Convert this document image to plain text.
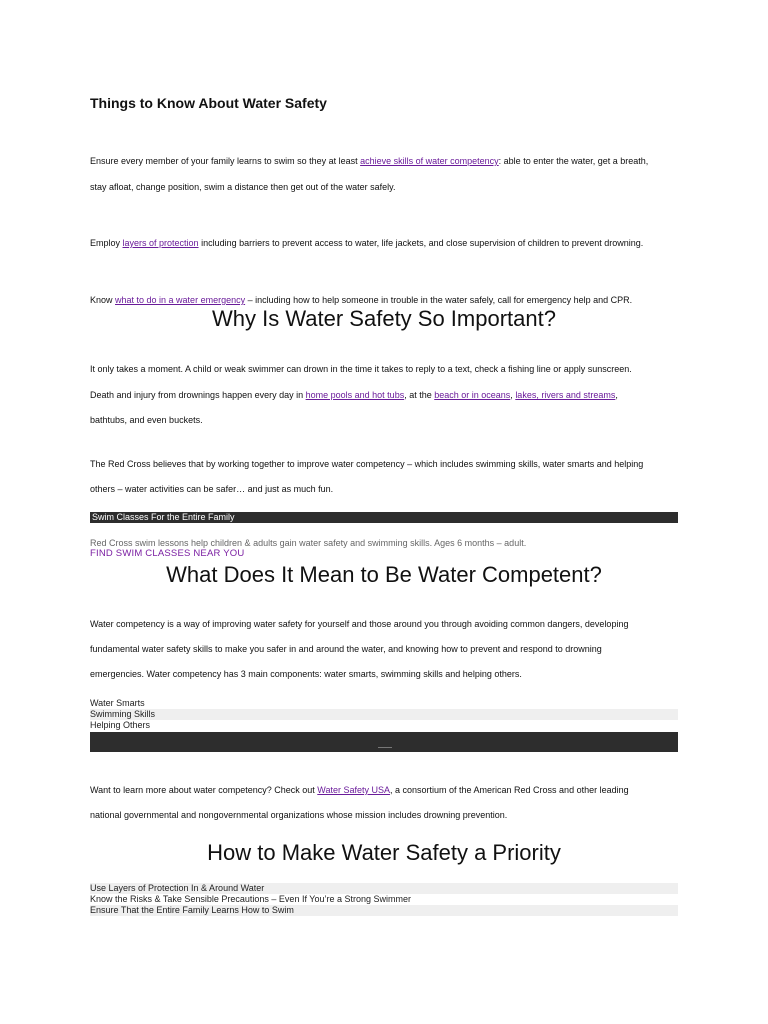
Things to Know About Water Safety
Ensure every member of your family learns to swim so they at least achieve skills of water competency: able to enter the water, get a breath,
stay afloat, change position, swim a distance then get out of the water safely.
Employ layers of protection including barriers to prevent access to water, life jackets, and close supervision of children to prevent drowning.
Know what to do in a water emergency – including how to help someone in trouble in the water safely, call for emergency help and CPR.
Why Is Water Safety So Important?
It only takes a moment. A child or weak swimmer can drown in the time it takes to reply to a text, check a fishing line or apply sunscreen.
Death and injury from drownings happen every day in home pools and hot tubs, at the beach or in oceans, lakes, rivers and streams,
bathtubs, and even buckets.
The Red Cross believes that by working together to improve water competency – which includes swimming skills, water smarts and helping
others – water activities can be safer… and just as much fun.
Swim Classes For the Entire Family
Red Cross swim lessons help children & adults gain water safety and swimming skills. Ages 6 months – adult.
FIND SWIM CLASSES NEAR YOU
What Does It Mean to Be Water Competent?
Water competency is a way of improving water safety for yourself and those around you through avoiding common dangers, developing
fundamental water safety skills to make you safer in and around the water, and knowing how to prevent and respond to drowning
emergencies. Water competency has 3 main components: water smarts, swimming skills and helping others.
Water Smarts
Swimming Skills
Helping Others
Want to learn more about water competency? Check out Water Safety USA, a consortium of the American Red Cross and other leading
national governmental and nongovernmental organizations whose mission includes drowning prevention.
How to Make Water Safety a Priority
Use Layers of Protection In & Around Water
Know the Risks & Take Sensible Precautions – Even If You’re a Strong Swimmer
Ensure That the Entire Family Learns How to Swim
